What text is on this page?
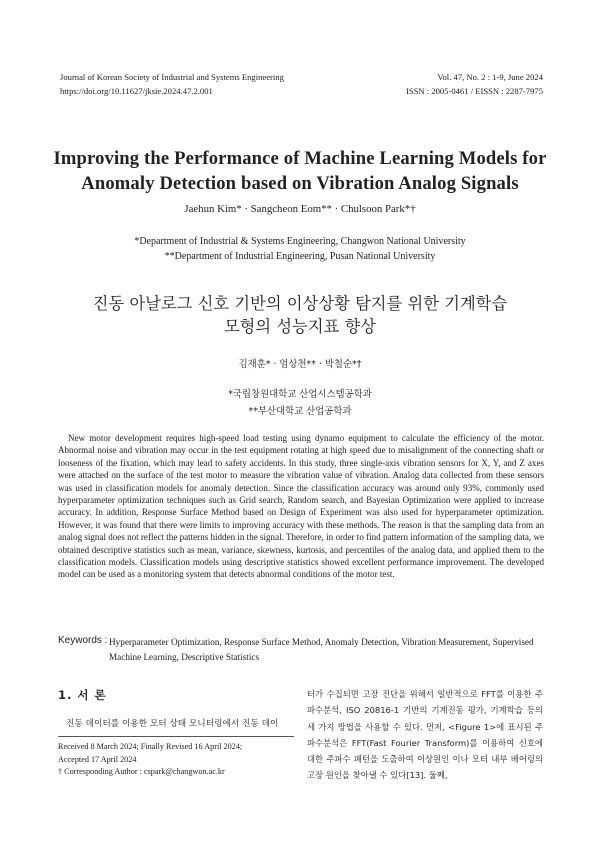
Journal of Korean Society of Industrial and Systems Engineering
https://doi.org/10.11627/jksie.2024.47.2.001
Vol. 47, No. 2 : 1-9, June 2024
ISSN : 2005-0461 / EISSN : 2287-7975
Improving the Performance of Machine Learning Models for
Anomaly Detection based on Vibration Analog Signals
Jaehun Kim* · Sangcheon Eom** · Chulsoon Park*†
*Department of Industrial & Systems Engineering, Changwon National University
**Department of Industrial Engineering, Pusan National University
진동 아날로그 신호 기반의 이상상황 탐지를 위한 기계학습
모형의 성능지표 향상
김재훈* · 엄상천** · 박철순*†
*국립창원대학교 산업시스템공학과
**부산대학교 산업공학과

New motor development requires high-speed load testing using dynamo equipment to calculate the efficiency of the motor. Abnormal noise and vibration may occur in the test equipment rotating at high speed due to misalignment of the connecting shaft or looseness of the fixation, which may lead to safety accidents. In this study, three single-axis vibration sensors for X, Y, and Z axes were attached on the surface of the test motor to measure the vibration value of vibration. Analog data collected from these sensors was used in classification models for anomaly detection. Since the classification accuracy was around only 93%, commonly used hyperparameter optimization techniques such as Grid search, Random search, and Bayesian Optimization were applied to increase accuracy. In addition, Response Surface Method based on Design of Experiment was also used for hyperparameter optimization. However, it was found that there were limits to improving accuracy with these methods. The reason is that the sampling data from an analog signal does not reflect the patterns hidden in the signal. Therefore, in order to find pattern information of the sampling data, we obtained descriptive statistics such as mean, variance, skewness, kurtosis, and percentiles of the analog data, and applied them to the classification models. Classification models using descriptive statistics showed excellent performance improvement. The developed model can be used as a monitoring system that detects abnormal conditions of the motor test.

Keywords : Hyperparameter Optimization, Response Surface Method, Anomaly Detection, Vibration Measurement, Supervised Machine Learning, Descriptive Statistics
1. 서 론
진동 데이터를 이용한 모터 상태 모니터링에서 진동 데이
Received 8 March 2024; Finally Revised 16 April 2024;
Accepted 17 April 2024
† Corresponding Author : cspark@changwon.ac.kr

터가 수집되면 고장 진단을 위해서 일반적으로 FFT를 이용한 주파수분석, ISO 20816-1 기반의 기계진동 평가, 기계학습 등의 세 가지 방법을 사용할 수 있다. 먼저, <Figure 1>에 표시된 주파수분석은 FFT(Fast Fourier Transform)를 이용하여 신호에 대한 주파수 패턴을 도출하여 이상원인 이나 모터 내부 베어링의 고장 원인을 찾아낼 수 있다[13]. 둘째,
